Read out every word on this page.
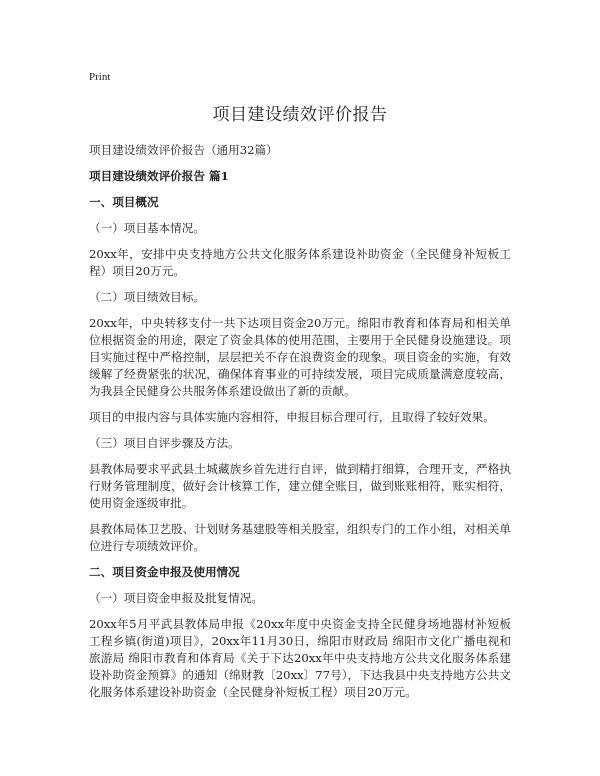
Print
项目建设绩效评价报告

项目建设绩效评价报告（通用32篇）

项目建设绩效评价报告 篇1

一、项目概况

（一）项目基本情况。

20xx年，安排中央支持地方公共文化服务体系建设补助资金（全民健身补短板工程）项目20万元。

（二）项目绩效目标。

20xx年，中央转移支付一共下达项目资金20万元。绵阳市教育和体育局和相关单位根据资金的用途，限定了资金具体的使用范围，主要用于全民健身设施建设。项目实施过程中严格控制，层层把关不存在浪费资金的现象。项目资金的实施，有效缓解了经费紧张的状况，确保体育事业的可持续发展，项目完成质量满意度较高，为我县全民健身公共服务体系建设做出了新的贡献。

项目的申报内容与具体实施内容相符，申报目标合理可行，且取得了较好效果。

（三）项目自评步骤及方法。

县教体局要求平武县土城藏族乡首先进行自评，做到精打细算，合理开支，严格执行财务管理制度，做好会计核算工作，建立健全账目，做到账账相符，账实相符，使用资金逐级审批。

县教体局体卫艺股、计划财务基建股等相关股室，组织专门的工作小组，对相关单位进行专项绩效评价。

二、项目资金申报及使用情况

（一）项目资金申报及批复情况。

20xx年5月平武县教体局申报《20xx年度中央资金支持全民健身场地器材补短板工程乡镇(街道)项目》，20xx年11月30日，绵阳市财政局 绵阳市文化广播电视和旅游局 绵阳市教育和体育局《关于下达20xx年中央支持地方公共文化服务体系建设补助资金预算》的通知（绵财教〔20xx〕77号），下达我县中央支持地方公共文化服务体系建设补助资金（全民健身补短板工程）项目20万元。
